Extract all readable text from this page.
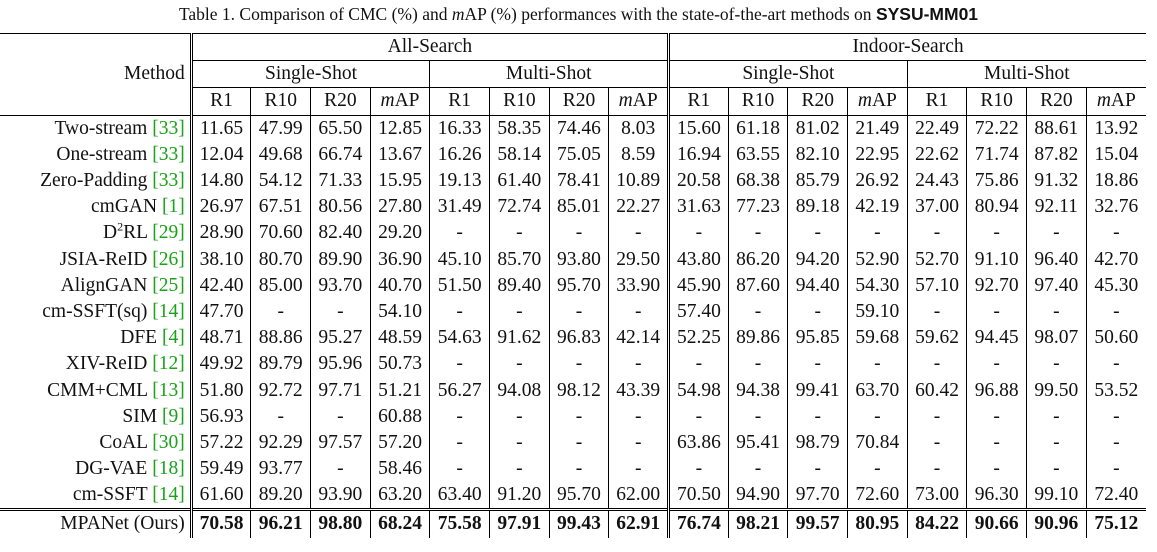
Table 1. Comparison of CMC (%) and mAP (%) performances with the state-of-the-art methods on SYSU-MM01
Method	All-Search								Indoor-Search							
	Single-Shot				Multi-Shot				Single-Shot				Multi-Shot			
	R1	R10	R20	mAP	R1	R10	R20	mAP	R1	R10	R20	mAP	R1	R10	R20	mAP
Two-stream [33]	11.65	47.99	65.50	12.85	16.33	58.35	74.46	8.03	15.60	61.18	81.02	21.49	22.49	72.22	88.61	13.92
One-stream [33]	12.04	49.68	66.74	13.67	16.26	58.14	75.05	8.59	16.94	63.55	82.10	22.95	22.62	71.74	87.82	15.04
Zero-Padding [33]	14.80	54.12	71.33	15.95	19.13	61.40	78.41	10.89	20.58	68.38	85.79	26.92	24.43	75.86	91.32	18.86
cmGAN [1]	26.97	67.51	80.56	27.80	31.49	72.74	85.01	22.27	31.63	77.23	89.18	42.19	37.00	80.94	92.11	32.76
$D^2RL$ [29]	28.90	70.60	82.40	29.20	-	-	-	-	-	-	-	-	-	-	-	-
JSIA-ReID [26]	38.10	80.70	89.90	36.90	45.10	85.70	93.80	29.50	43.80	86.20	94.20	52.90	52.70	91.10	96.40	42.70
AlignGAN [25]	42.40	85.00	93.70	40.70	51.50	89.40	95.70	33.90	45.90	87.60	94.40	54.30	57.10	92.70	97.40	45.30
cm-SSFT(sq) [14]	47.70	-	-	54.10	-	-	-	-	57.40	-	-	59.10	-	-	-	-
DFE [4]	48.71	88.86	95.27	48.59	54.63	91.62	96.83	42.14	52.25	89.86	95.85	59.68	59.62	94.45	98.07	50.60
XIV-ReID [12]	49.92	89.79	95.96	50.73	-	-	-	-	-	-	-	-	-	-	-	-
CMM+CML [13]	51.80	92.72	97.71	51.21	56.27	94.08	98.12	43.39	54.98	94.38	99.41	63.70	60.42	96.88	99.50	53.52
SIM [9]	56.93	-	-	60.88	-	-	-	-	-	-	-	-	-	-	-	-
CoAL [30]	57.22	92.29	97.57	57.20	-	-	-	-	63.86	95.41	98.79	70.84	-	-	-	-
DG-VAE [18]	59.49	93.77	-	58.46	-	-	-	-	-	-	-	-	-	-	-	-
cm-SSFT [14]	61.60	89.20	93.90	63.20	63.40	91.20	95.70	62.00	70.50	94.90	97.70	72.60	73.00	96.30	99.10	72.40
MPANet (Ours)	70.58	96.21	98.80	68.24	75.58	97.91	99.43	62.91	76.74	98.21	99.57	80.95	84.22	90.66	90.96	75.12
